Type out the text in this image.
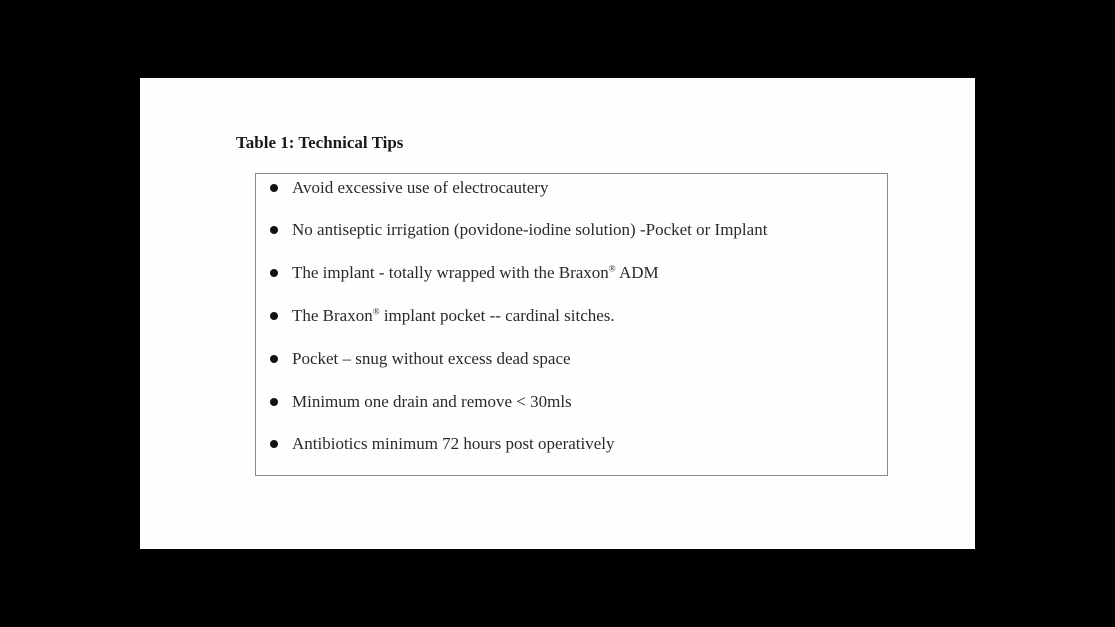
Table 1: Technical Tips
Avoid excessive use of electrocautery
No antiseptic irrigation (povidone-iodine solution) -Pocket or Implant
The implant - totally wrapped with the Braxon® ADM
The Braxon® implant pocket -- cardinal sitches.
Pocket – snug without excess dead space
Minimum one drain and remove < 30mls
Antibiotics minimum 72 hours post operatively
